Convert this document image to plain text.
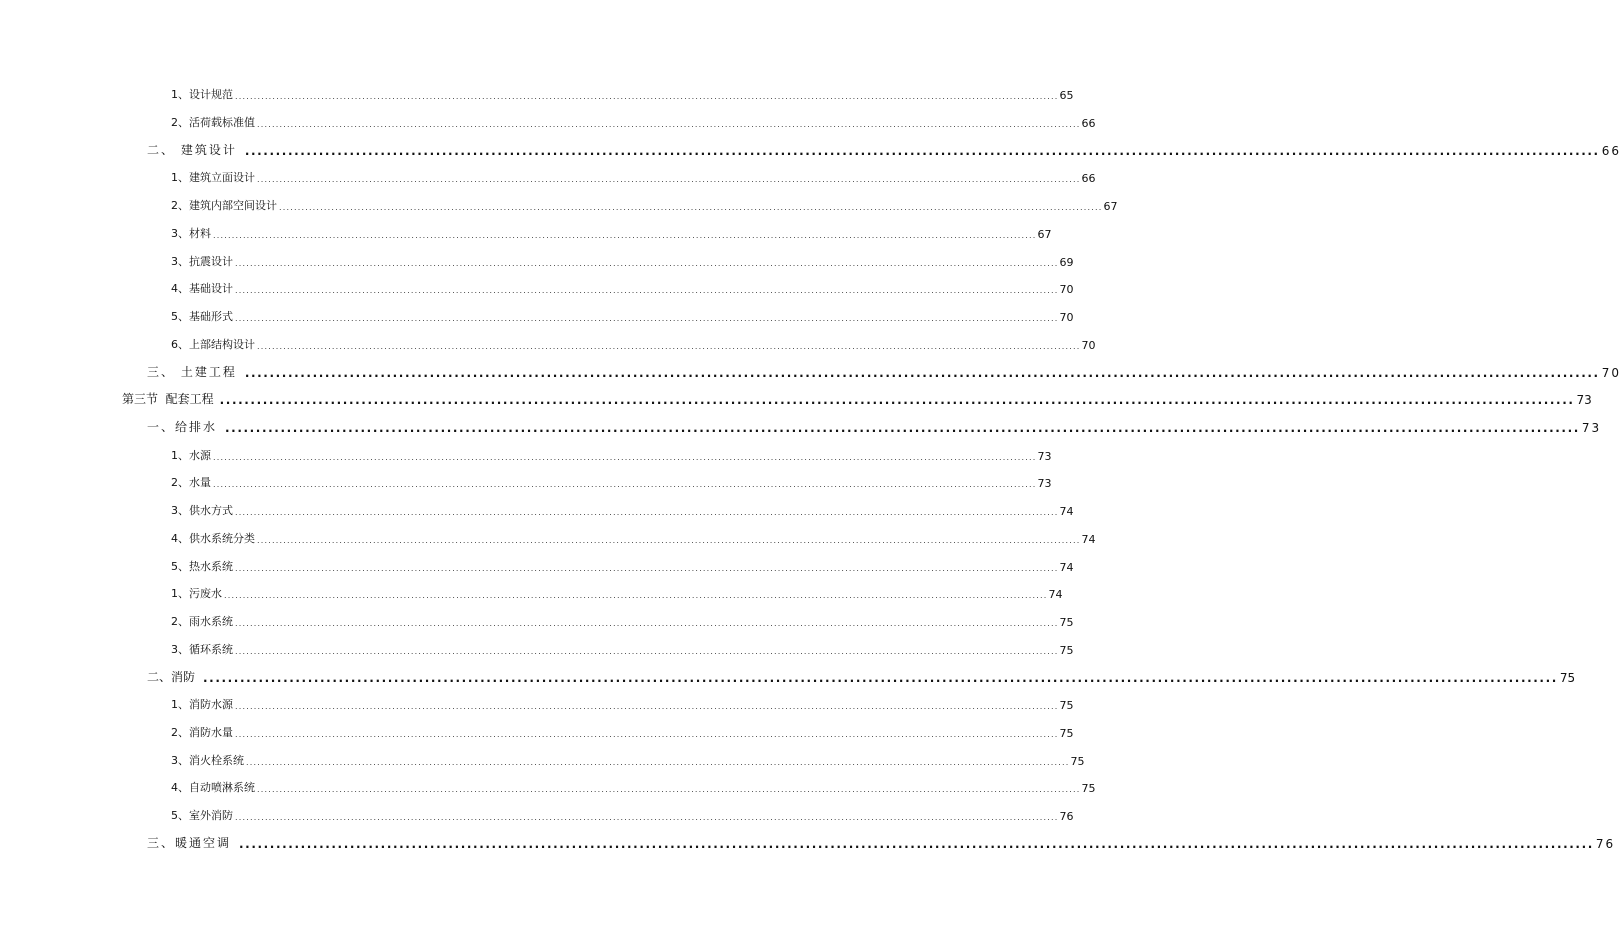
1、设计规范 ............................................................................................................................................................................................................................ 65
2、活荷载标准值 ............................................................................................................................................................................................................................ 66
二、 建筑设计 ............................................................................................................................................................................................................................ 66
1、建筑立面设计 ............................................................................................................................................................................................................................ 66
2、建筑内部空间设计 ............................................................................................................................................................................................................................ 67
3、材料 ............................................................................................................................................................................................................................ 67
3、抗震设计 ............................................................................................................................................................................................................................ 69
4、基础设计 ............................................................................................................................................................................................................................ 70
5、基础形式 ............................................................................................................................................................................................................................ 70
6、上部结构设计 ............................................................................................................................................................................................................................ 70
三、 土建工程 ............................................................................................................................................................................................................................ 70
第三节  配套工程 ............................................................................................................................................................................................................................ 73
一、给排水 ............................................................................................................................................................................................................................ 73
1、水源 ............................................................................................................................................................................................................................ 73
2、水量 ............................................................................................................................................................................................................................ 73
3、供水方式 ............................................................................................................................................................................................................................ 74
4、供水系统分类 ............................................................................................................................................................................................................................ 74
5、热水系统 ............................................................................................................................................................................................................................ 74
1、污废水 ............................................................................................................................................................................................................................ 74
2、雨水系统 ............................................................................................................................................................................................................................ 75
3、循环系统 ............................................................................................................................................................................................................................ 75
二、消防 ............................................................................................................................................................................................................................ 75
1、消防水源 ............................................................................................................................................................................................................................ 75
2、消防水量 ............................................................................................................................................................................................................................ 75
3、消火栓系统 ............................................................................................................................................................................................................................ 75
4、自动喷淋系统 ............................................................................................................................................................................................................................ 75
5、室外消防 ............................................................................................................................................................................................................................ 76
三、暖通空调 ............................................................................................................................................................................................................................ 76
